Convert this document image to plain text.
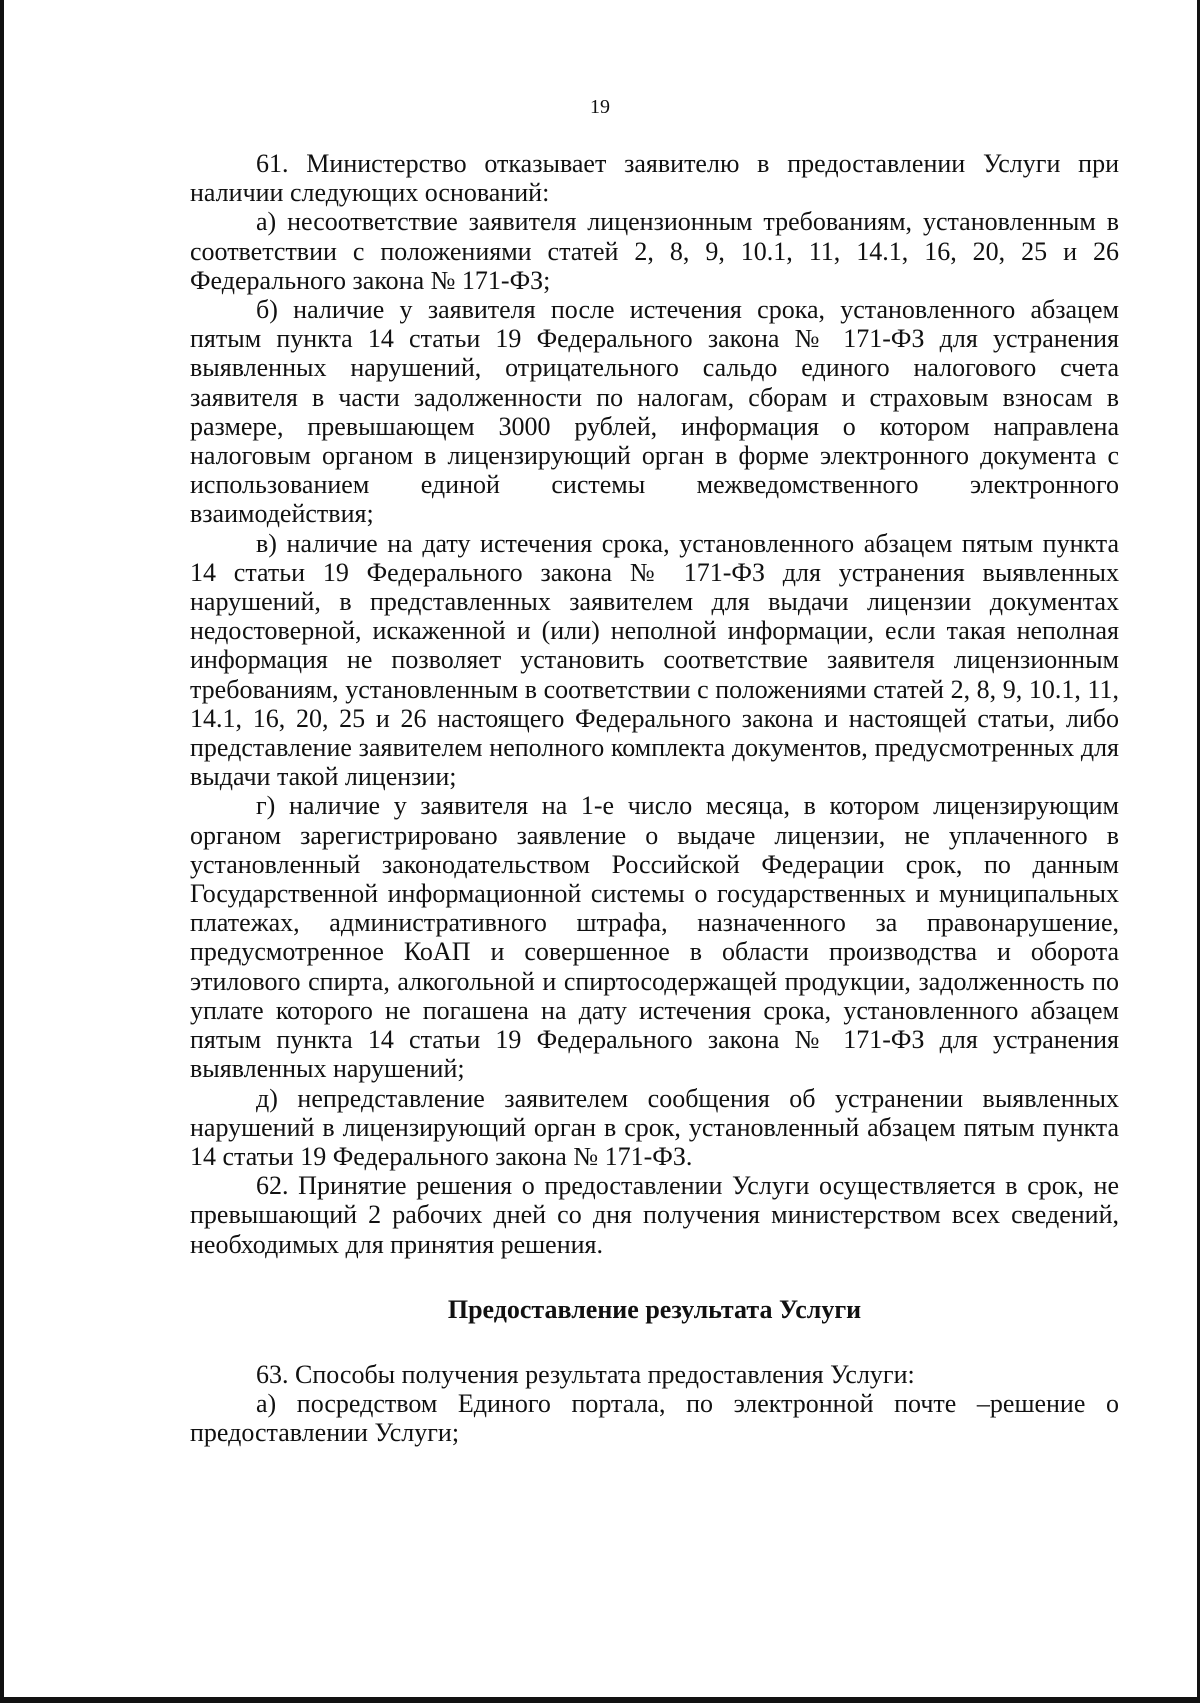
19

61. Министерство отказывает заявителю в предоставлении Услуги при наличии следующих оснований:

а) несоответствие заявителя лицензионным требованиям, установленным в соответствии с положениями статей 2, 8, 9, 10.1, 11, 14.1, 16, 20, 25 и 26 Федерального закона № 171-ФЗ;

б) наличие у заявителя после истечения срока, установленного абзацем пятым пункта 14 статьи 19 Федерального закона № 171-ФЗ для устранения выявленных нарушений, отрицательного сальдо единого налогового счета заявителя в части задолженности по налогам, сборам и страховым взносам в размере, превышающем 3000 рублей, информация о котором направлена налоговым органом в лицензирующий орган в форме электронного документа с использованием единой системы межведомственного электронного взаимодействия;

в) наличие на дату истечения срока, установленного абзацем пятым пункта 14 статьи 19 Федерального закона № 171-ФЗ для устранения выявленных нарушений, в представленных заявителем для выдачи лицензии документах недостоверной, искаженной и (или) неполной информации, если такая неполная информация не позволяет установить соответствие заявителя лицензионным требованиям, установленным в соответствии с положениями статей 2, 8, 9, 10.1, 11, 14.1, 16, 20, 25 и 26 настоящего Федерального закона и настоящей статьи, либо представление заявителем неполного комплекта документов, предусмотренных для выдачи такой лицензии;

г) наличие у заявителя на 1-е число месяца, в котором лицензирующим органом зарегистрировано заявление о выдаче лицензии, не уплаченного в установленный законодательством Российской Федерации срок, по данным Государственной информационной системы о государственных и муниципальных платежах, административного штрафа, назначенного за правонарушение, предусмотренное КоАП и совершенное в области производства и оборота этилового спирта, алкогольной и спиртосодержащей продукции, задолженность по уплате которого не погашена на дату истечения срока, установленного абзацем пятым пункта 14 статьи 19 Федерального закона № 171-ФЗ для устранения выявленных нарушений;

д) непредставление заявителем сообщения об устранении выявленных нарушений в лицензирующий орган в срок, установленный абзацем пятым пункта 14 статьи 19 Федерального закона № 171-ФЗ.

62. Принятие решения о предоставлении Услуги осуществляется в срок, не превышающий 2 рабочих дней со дня получения министерством всех сведений, необходимых для принятия решения.

Предоставление результата Услуги

63. Способы получения результата предоставления Услуги:

а) посредством Единого портала, по электронной почте –решение о предоставлении Услуги;
